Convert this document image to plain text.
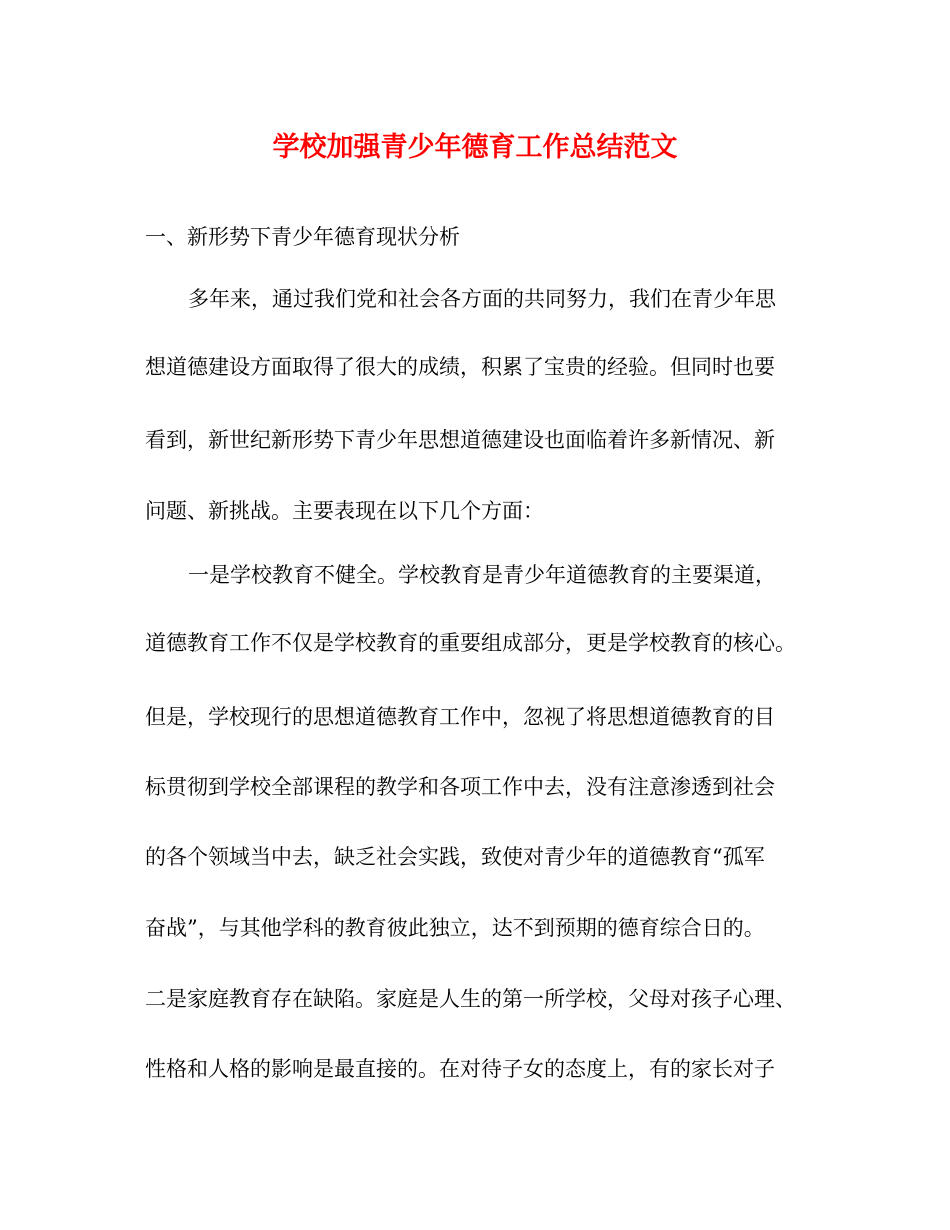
学校加强青少年德育工作总结范文

一、新形势下青少年德育现状分析

多年来，通过我们党和社会各方面的共同努力，我们在青少年思

想道德建设方面取得了很大的成绩，积累了宝贵的经验。但同时也要

看到，新世纪新形势下青少年思想道德建设也面临着许多新情况、新

问题、新挑战。主要表现在以下几个方面：

一是学校教育不健全。学校教育是青少年道德教育的主要渠道，

道德教育工作不仅是学校教育的重要组成部分，更是学校教育的核心。

但是，学校现行的思想道德教育工作中，忽视了将思想道德教育的目

标贯彻到学校全部课程的教学和各项工作中去，没有注意渗透到社会

的各个领域当中去，缺乏社会实践，致使对青少年的道德教育“孤军

奋战”，与其他学科的教育彼此独立，达不到预期的德育综合日的。

二是家庭教育存在缺陷。家庭是人生的第一所学校，父母对孩子心理、

性格和人格的影响是最直接的。在对待子女的态度上，有的家长对子
